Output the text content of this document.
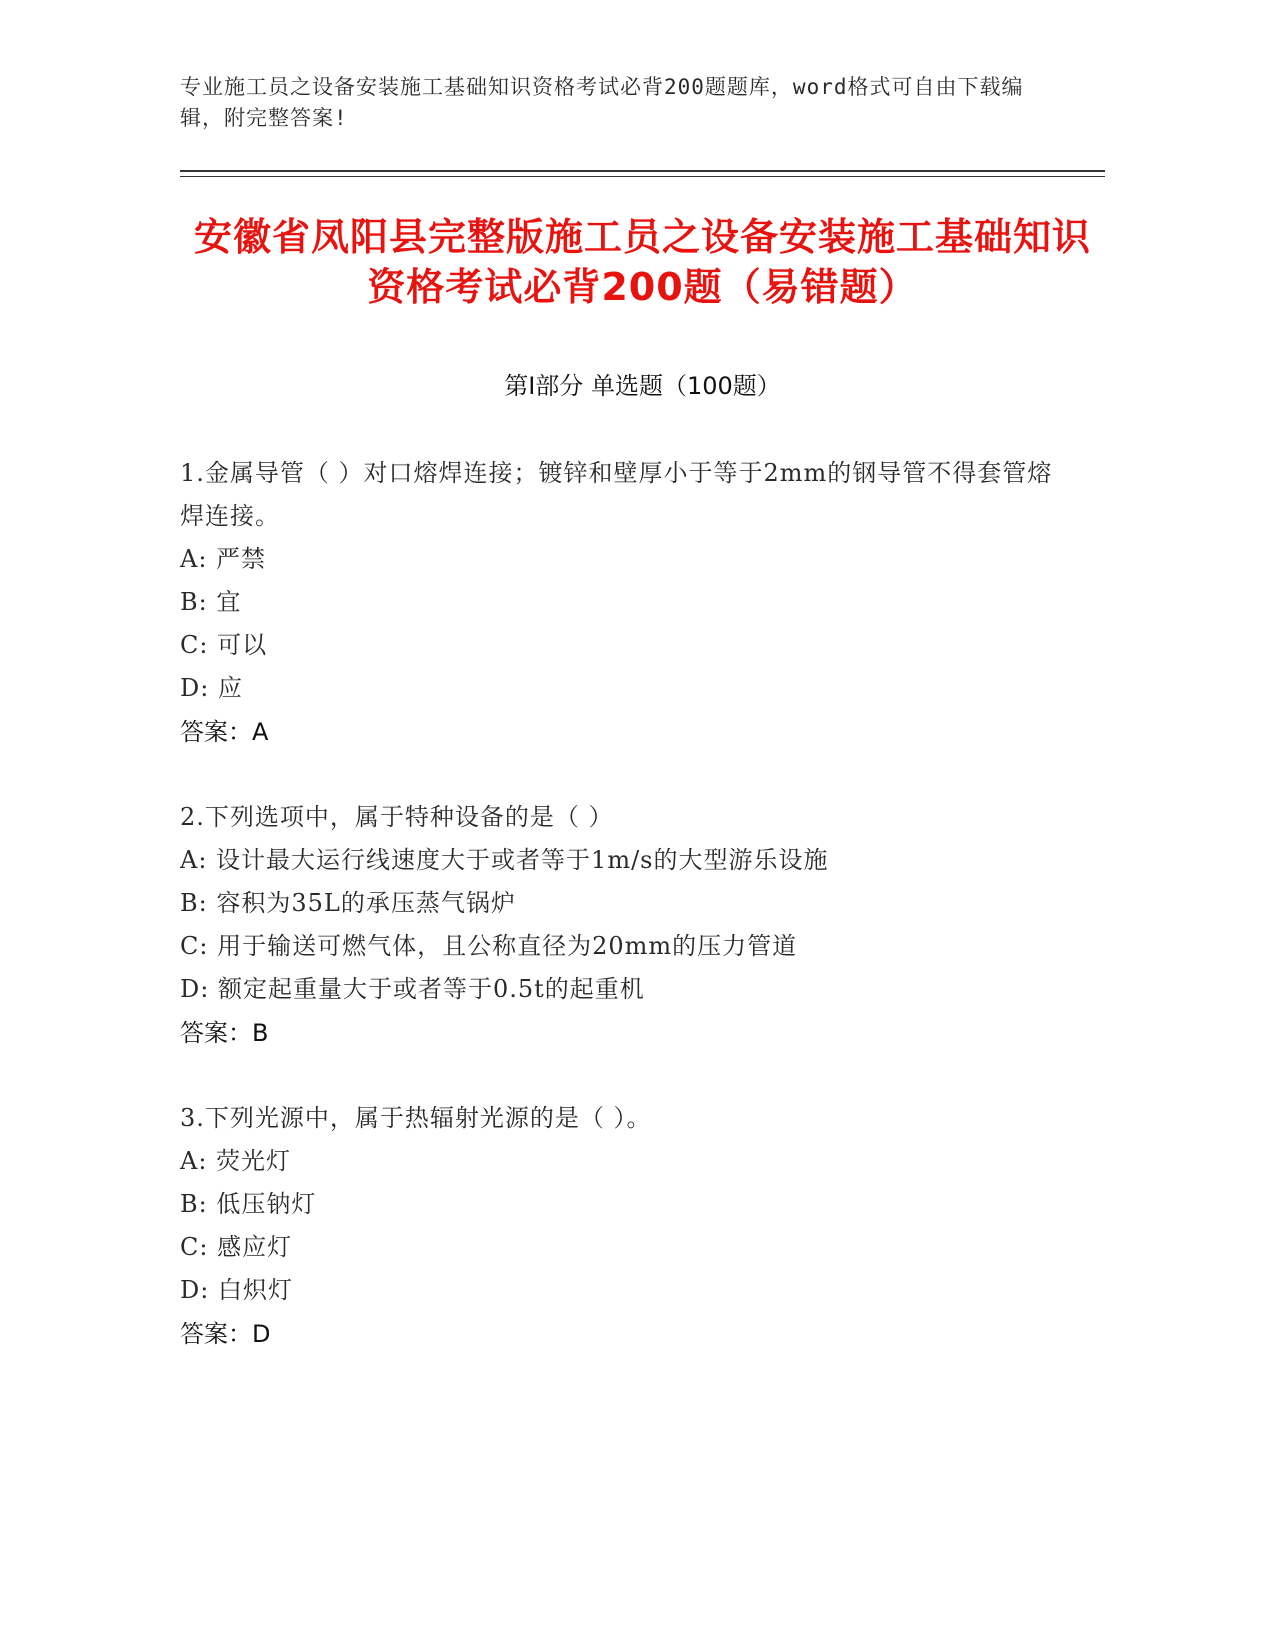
专业施工员之设备安装施工基础知识资格考试必背200题题库，word格式可自由下载编辑，附完整答案!
安徽省凤阳县完整版施工员之设备安装施工基础知识资格考试必背200题（易错题）
第Ⅰ部分 单选题（100题）
1.金属导管（ ）对口熔焊连接；镀锌和壁厚小于等于2mm的钢导管不得套管熔焊连接。
A: 严禁
B: 宜
C: 可以
D: 应
答案：A
2.下列选项中，属于特种设备的是（ ）
A: 设计最大运行线速度大于或者等于1m/s的大型游乐设施
B: 容积为35L的承压蒸气锅炉
C: 用于输送可燃气体，且公称直径为20mm的压力管道
D: 额定起重量大于或者等于0.5t的起重机
答案：B
3.下列光源中，属于热辐射光源的是（ ）。
A: 荧光灯
B: 低压钠灯
C: 感应灯
D: 白炽灯
答案：D
